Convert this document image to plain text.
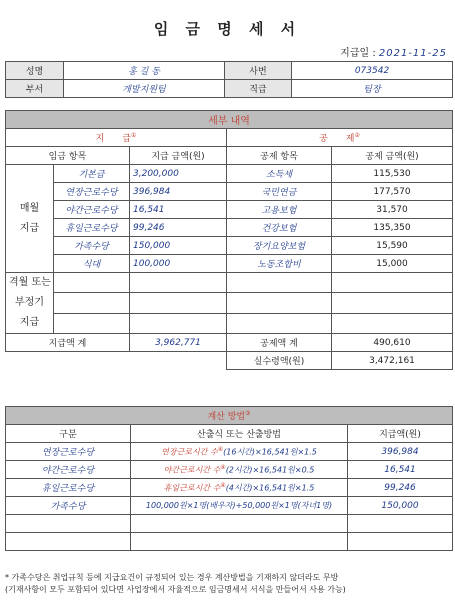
임 금 명 세 서
지급일 : 2021-11-25
성명	홍 길 동	사번	073542
부서	개발지원팀	직급	팀장
세부 내역				
지　　급①			공　　제②
임금 항목		지급 금액(원)	공제 항목	공제 금액(원)
매월
지급	기본급	3,200,000	소득세	115,530
	연장근로수당	396,984	국민연금	177,570
	야간근로수당	16,541	고용보험	31,570
	휴일근로수당	99,246	건강보험	135,350
	가족수당	150,000	장기요양보험	15,590
	식대	100,000	노동조합비	15,000
격월 또는
부정기
지급				

지급액 계		3,962,771	공제액 계	490,610
			실수령액(원)	3,472,161
계산 방법③
구분	산출식 또는 산출방법	지급액(원)
연장근로수당	연장근로시간 수④(16시간)×16,541원×1.5	396,984
야간근로수당	야간근로시간 수④(2시간)×16,541원×0.5	16,541
휴일근로수당	휴일근로시간 수④(4시간)×16,541원×1.5	99,246
가족수당	100,000원×1명(배우자)+50,000원×1명(자녀1명)	150,000

* 가족수당은 취업규칙 등에 지급요건이 규정되어 있는 경우 계산방법을 기재하지 않더라도 무방
(기재사항이 모두 포함되어 있다면 사업장에서 자율적으로 임금명세서 서식을 만들어서 사용 가능)
